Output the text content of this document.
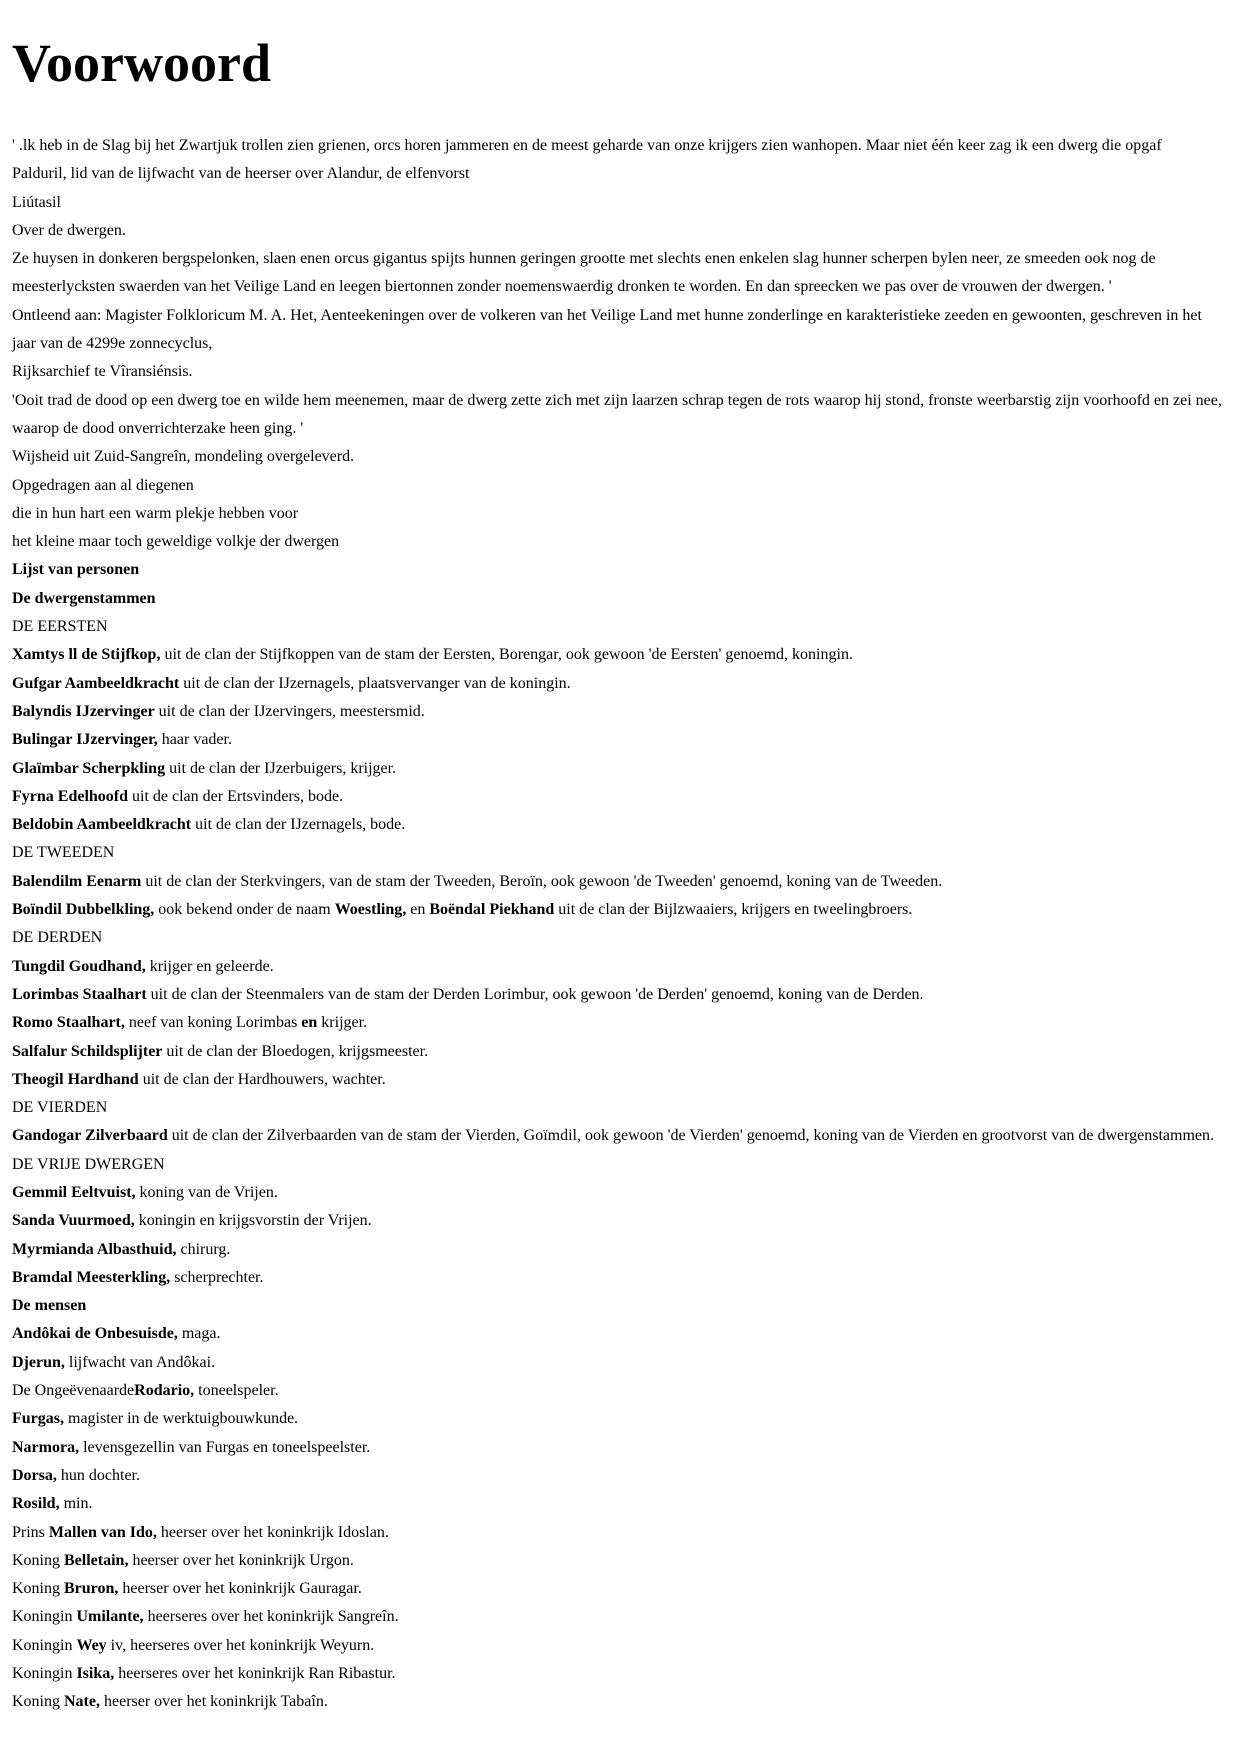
Voorwoord

' .lk heb in de Slag bij het Zwartjuk trollen zien grienen, orcs horen jammeren en de meest geharde van onze krijgers zien wanhopen. Maar niet één keer zag ik een dwerg die opgaf

Palduril, lid van de lijfwacht van de heerser over Alandur, de elfenvorst

Liútasil

Over de dwergen.

Ze huysen in donkeren bergspelonken, slaen enen orcus gigantus spijts hunnen geringen grootte met slechts enen enkelen slag hunner scherpen bylen neer, ze smeeden ook nog de meesterlycksten swaerden van het Veilige Land en leegen biertonnen zonder noemenswaerdig dronken te worden. En dan spreecken we pas over de vrouwen der dwergen. '

Ontleend aan: Magister Folkloricum M. A. Het, Aenteekeningen over de volkeren van het Veilige Land met hunne zonderlinge en karakteristieke zeeden en gewoonten, geschreven in het jaar van de 4299e zonnecyclus,

Rijksarchief te Vîransiénsis.

'Ooit trad de dood op een dwerg toe en wilde hem meenemen, maar de dwerg zette zich met zijn laarzen schrap tegen de rots waarop hij stond, fronste weerbarstig zijn voorhoofd en zei nee, waarop de dood onverrichterzake heen ging. '

Wijsheid uit Zuid-Sangreîn, mondeling overgeleverd.

Opgedragen aan al diegenen

die in hun hart een warm plekje hebben voor

het kleine maar toch geweldige volkje der dwergen

Lijst van personen

De dwergenstammen

DE EERSTEN

Xamtys ll de Stijfkop, uit de clan der Stijfkoppen van de stam der Eersten, Borengar, ook gewoon 'de Eersten' genoemd, koningin.

Gufgar Aambeeldkracht uit de clan der IJzernagels, plaatsvervanger van de koningin.

Balyndis IJzervinger uit de clan der IJzervingers, meestersmid.

Bulingar IJzervinger, haar vader.

Glaïmbar Scherpkling uit de clan der IJzerbuigers, krijger.

Fyrna Edelhoofd uit de clan der Ertsvinders, bode.

Beldobin Aambeeldkracht uit de clan der IJzernagels, bode.

DE TWEEDEN

Balendilm Eenarm uit de clan der Sterkvingers, van de stam der Tweeden, Beroïn, ook gewoon 'de Tweeden' genoemd, koning van de Tweeden.

Boïndil Dubbelkling, ook bekend onder de naam Woestling, en Boëndal Piekhand uit de clan der Bijlzwaaiers, krijgers en tweelingbroers.

DE DERDEN

Tungdil Goudhand, krijger en geleerde.

Lorimbas Staalhart uit de clan der Steenmalers van de stam der Derden Lorimbur, ook gewoon 'de Derden' genoemd, koning van de Derden.

Romo Staalhart, neef van koning Lorimbas en krijger.

Salfalur Schildsplijter uit de clan der Bloedogen, krijgsmeester.

Theogil Hardhand uit de clan der Hardhouwers, wachter.

DE VIERDEN

Gandogar Zilverbaard uit de clan der Zilverbaarden van de stam der Vierden, Goïmdil, ook gewoon 'de Vierden' genoemd, koning van de Vierden en grootvorst van de dwergenstammen.

DE VRIJE DWERGEN

Gemmil Eeltvuist, koning van de Vrijen.

Sanda Vuurmoed, koningin en krijgsvorstin der Vrijen.

Myrmianda Albasthuid, chirurg.

Bramdal Meesterkling, scherprechter.

De mensen

Andôkai de Onbesuisde, maga.

Djerun, lijfwacht van Andôkai.

De OngeëvenaardeRodario, toneelspeler.

Furgas, magister in de werktuigbouwkunde.

Narmora, levensgezellin van Furgas en toneelspeelster.

Dorsa, hun dochter.

Rosild, min.

Prins Mallen van Ido, heerser over het koninkrijk Idoslan.

Koning Belletain, heerser over het koninkrijk Urgon.

Koning Bruron, heerser over het koninkrijk Gauragar.

Koningin Umilante, heerseres over het koninkrijk Sangreîn.

Koningin Wey iv, heerseres over het koninkrijk Weyurn.

Koningin Isika, heerseres over het koninkrijk Ran Ribastur.

Koning Nate, heerser over het koninkrijk Tabaîn.
